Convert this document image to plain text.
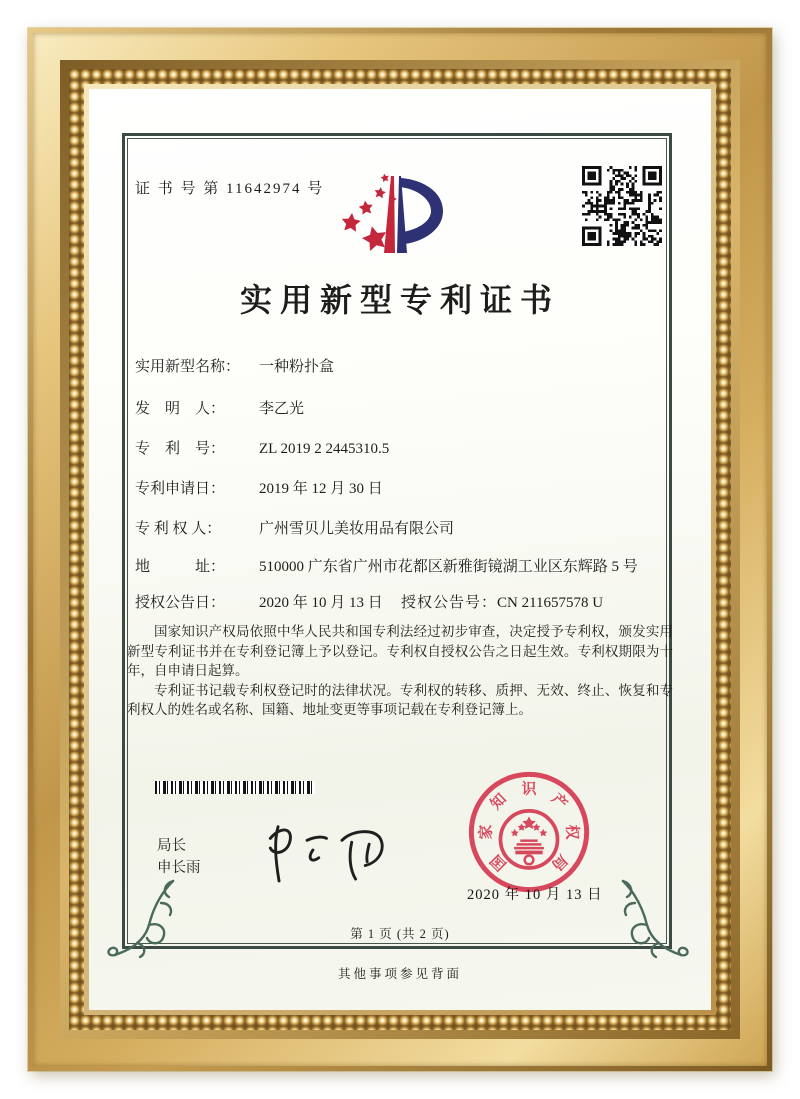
证 书 号 第 11642974 号
实用新型专利证书
实用新型名称： 一种粉扑盒
发　明　人： 李乙光
专　利　号： ZL 2019 2 2445310.5
专利申请日： 2019 年 12 月 30 日
专 利 权 人：	广州雪贝儿美妆用品有限公司
地　　　址： 510000 广东省广州市花都区新雅街镜湖工业区东辉路 5 号
授权公告日： 2020 年 10 月 13 日 授权公告号：CN 211657578 U

国家知识产权局依照中华人民共和国专利法经过初步审查，决定授予专利权，颁发实用新型专利证书并在专利登记簿上予以登记。专利权自授权公告之日起生效。专利权期限为十年，自申请日起算。

专利证书记载专利权登记时的法律状况。专利权的转移、质押、无效、终止、恢复和专利权人的姓名或名称、国籍、地址变更等事项记载在专利登记簿上。

局长
申长雨	国
家
知
识
产
权
局
2020 年 10 月 13 日
第 1 页 (共 2 页)
其他事项参见背面
